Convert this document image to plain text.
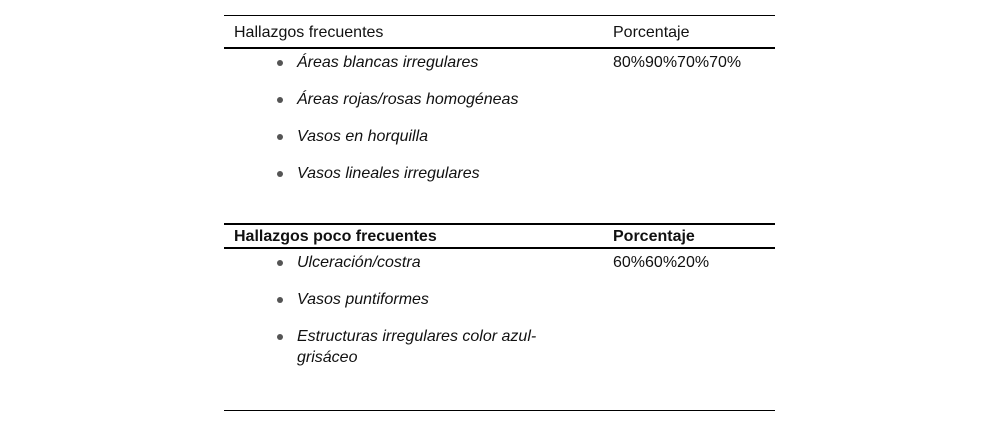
Hallazgos frecuentes	Porcentaje
Áreas blancas irregulares
Áreas rojas/rosas homogéneas
Vasos en horquilla
Vasos lineales irregulares
80%90%70%70%
Hallazgos poco frecuentes	Porcentaje
Ulceración/costra
Vasos puntiformes
Estructuras irregulares color azul-grisáceo
60%60%20%
